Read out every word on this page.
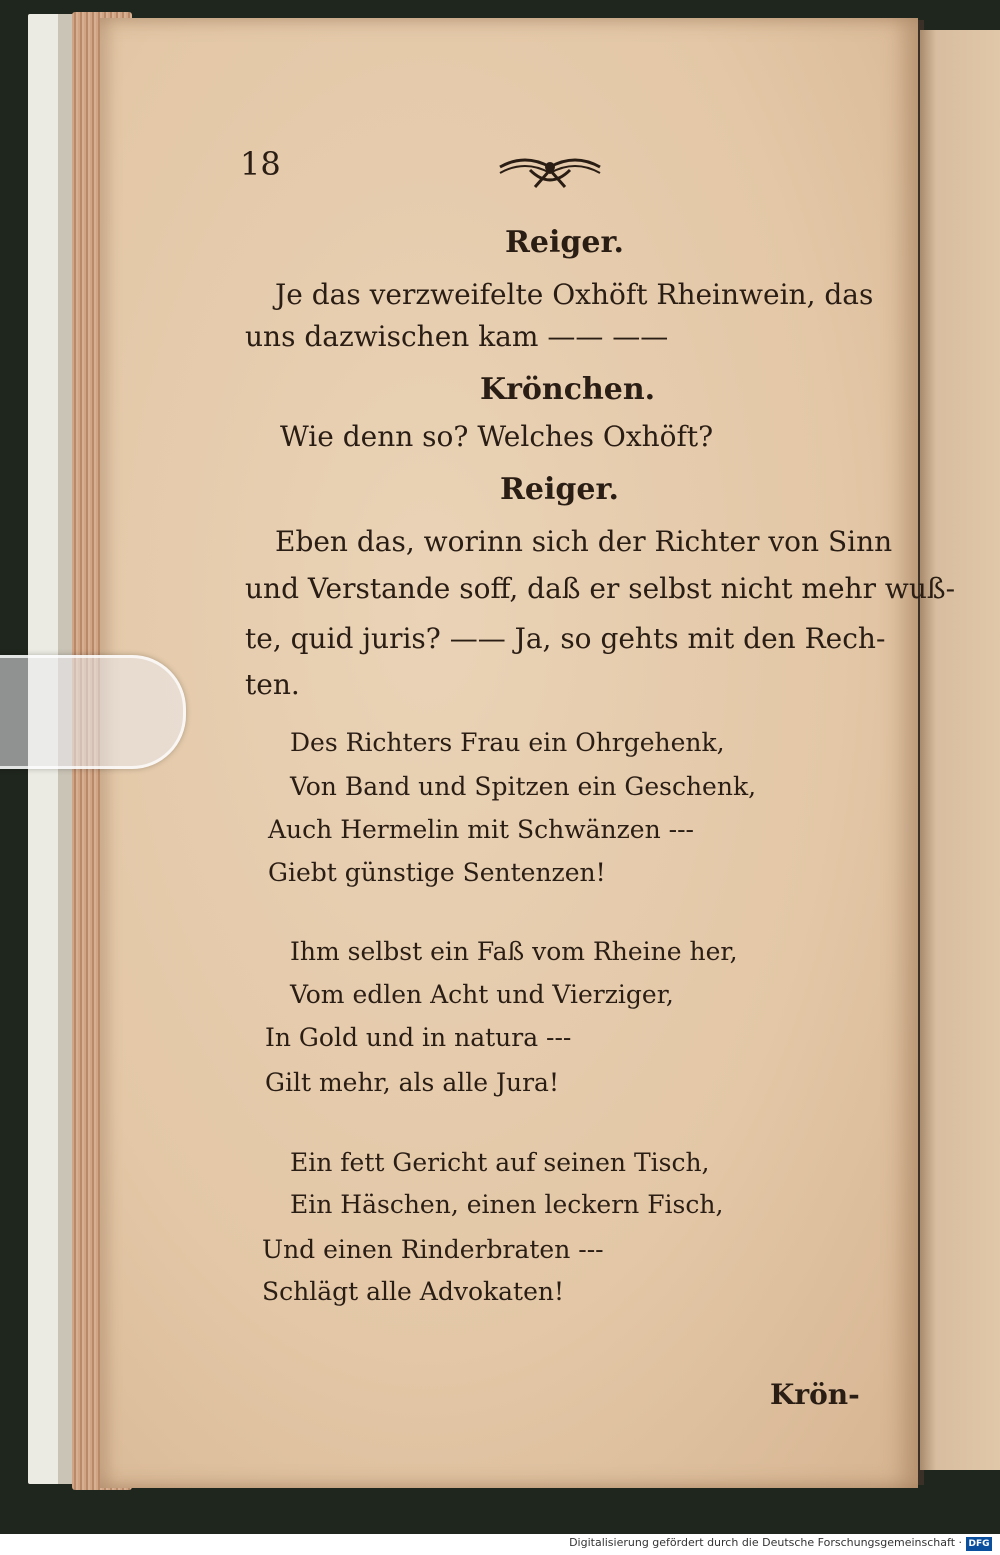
18
Reiger.
Je das verzweifelte Oxhöft Rheinwein, das
uns dazwischen kam —— ——
Krönchen.
Wie denn so? Welches Oxhöft?
Reiger.
Eben das, worinn sich der Richter von Sinn
und Verstande soff, daß er selbst nicht mehr wuß-
te, quid juris? —— Ja, so gehts mit den Rech-
ten.
Des Richters Frau ein Ohrgehenk,
Von Band und Spitzen ein Geschenk,
Auch Hermelin mit Schwänzen ---
Giebt günstige Sentenzen!
Ihm selbst ein Faß vom Rheine her,
Vom edlen Acht und Vierziger,
In Gold und in natura ---
Gilt mehr, als alle Jura!
Ein fett Gericht auf seinen Tisch,
Ein Häschen, einen leckern Fisch,
Und einen Rinderbraten ---
Schlägt alle Advokaten!
Krön-
Digitalisierung gefördert durch die Deutsche Forschungsgemeinschaft · DFG
